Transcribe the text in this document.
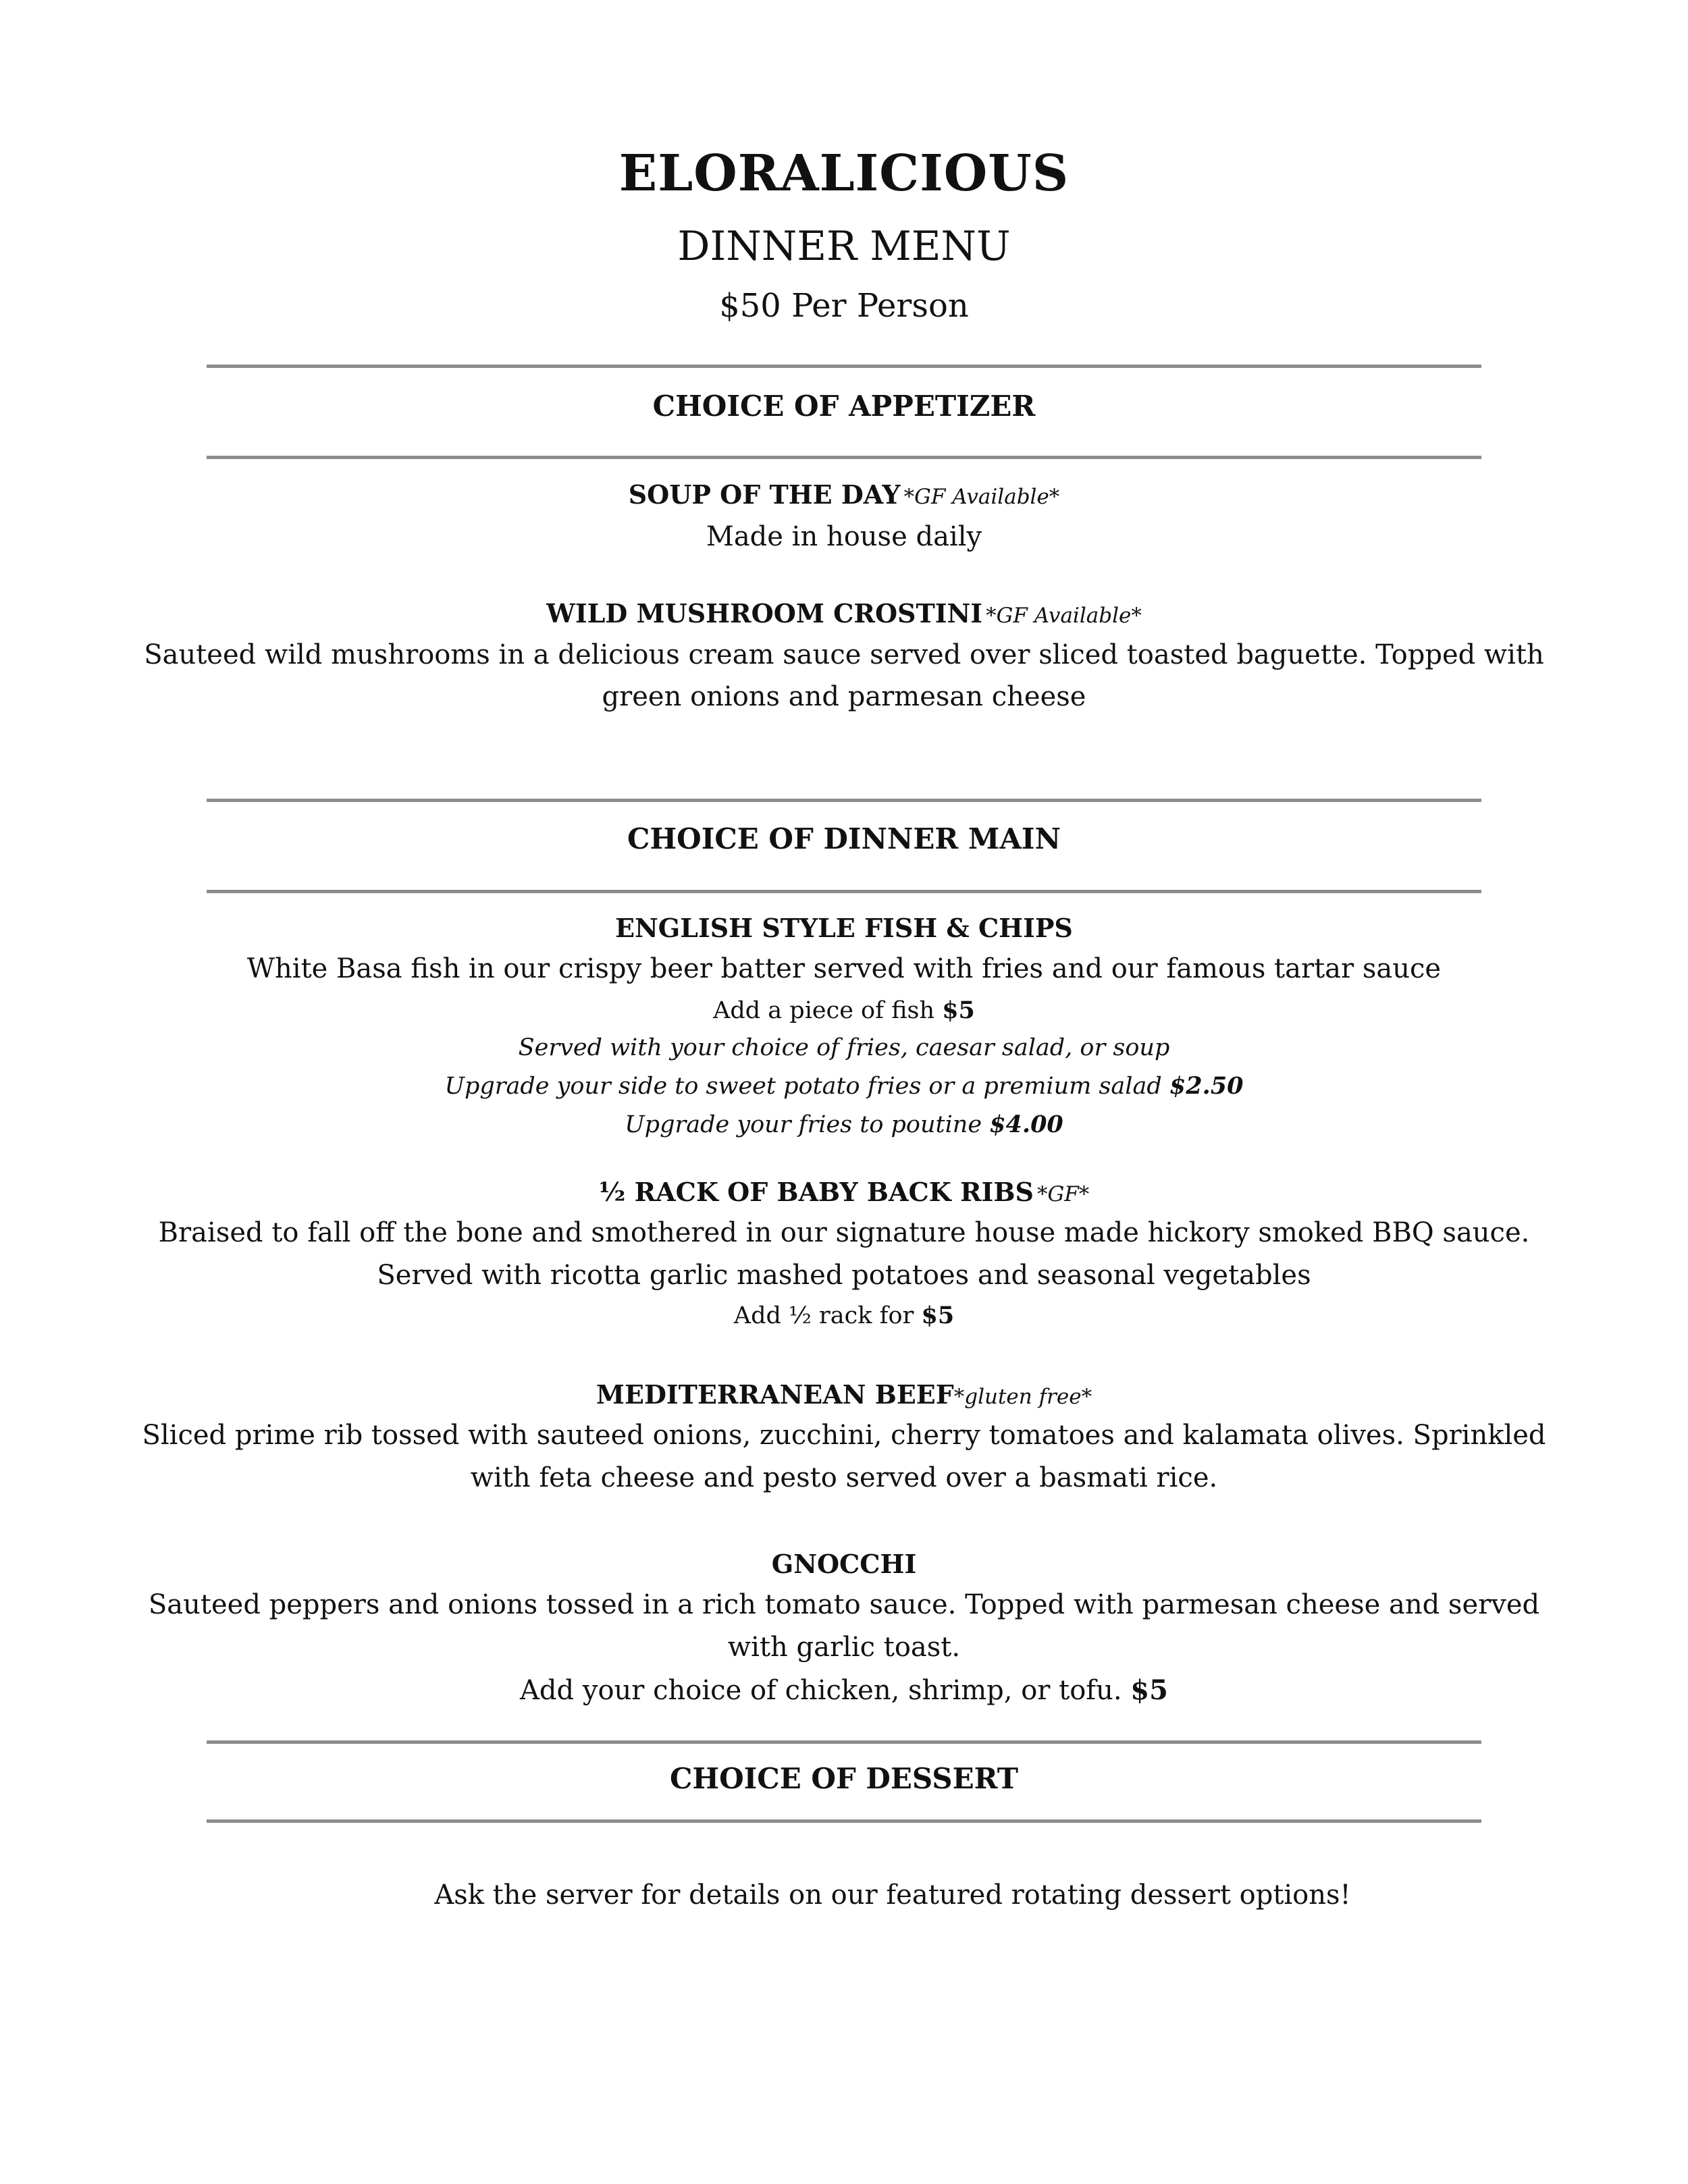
ELORALICIOUS
DINNER MENU
$50 Per Person
CHOICE OF APPETIZER
SOUP OF THE DAY *GF Available*
Made in house daily
WILD MUSHROOM CROSTINI *GF Available*
Sauteed wild mushrooms in a delicious cream sauce served over sliced toasted baguette. Topped with
green onions and parmesan cheese
CHOICE OF DINNER MAIN
ENGLISH STYLE FISH & CHIPS
White Basa fish in our crispy beer batter served with fries and our famous tartar sauce
Add a piece of fish $5
Served with your choice of fries, caesar salad, or soup
Upgrade your side to sweet potato fries or a premium salad $2.50
Upgrade your fries to poutine $4.00
½ RACK OF BABY BACK RIBS *GF*
Braised to fall off the bone and smothered in our signature house made hickory smoked BBQ sauce.
Served with ricotta garlic mashed potatoes and seasonal vegetables
Add ½ rack for $5
MEDITERRANEAN BEEF*gluten free*
Sliced prime rib tossed with sauteed onions, zucchini, cherry tomatoes and kalamata olives. Sprinkled
with feta cheese and pesto served over a basmati rice.
GNOCCHI
Sauteed peppers and onions tossed in a rich tomato sauce. Topped with parmesan cheese and served
with garlic toast.
Add your choice of chicken, shrimp, or tofu. $5
CHOICE OF DESSERT
Ask the server for details on our featured rotating dessert options!
